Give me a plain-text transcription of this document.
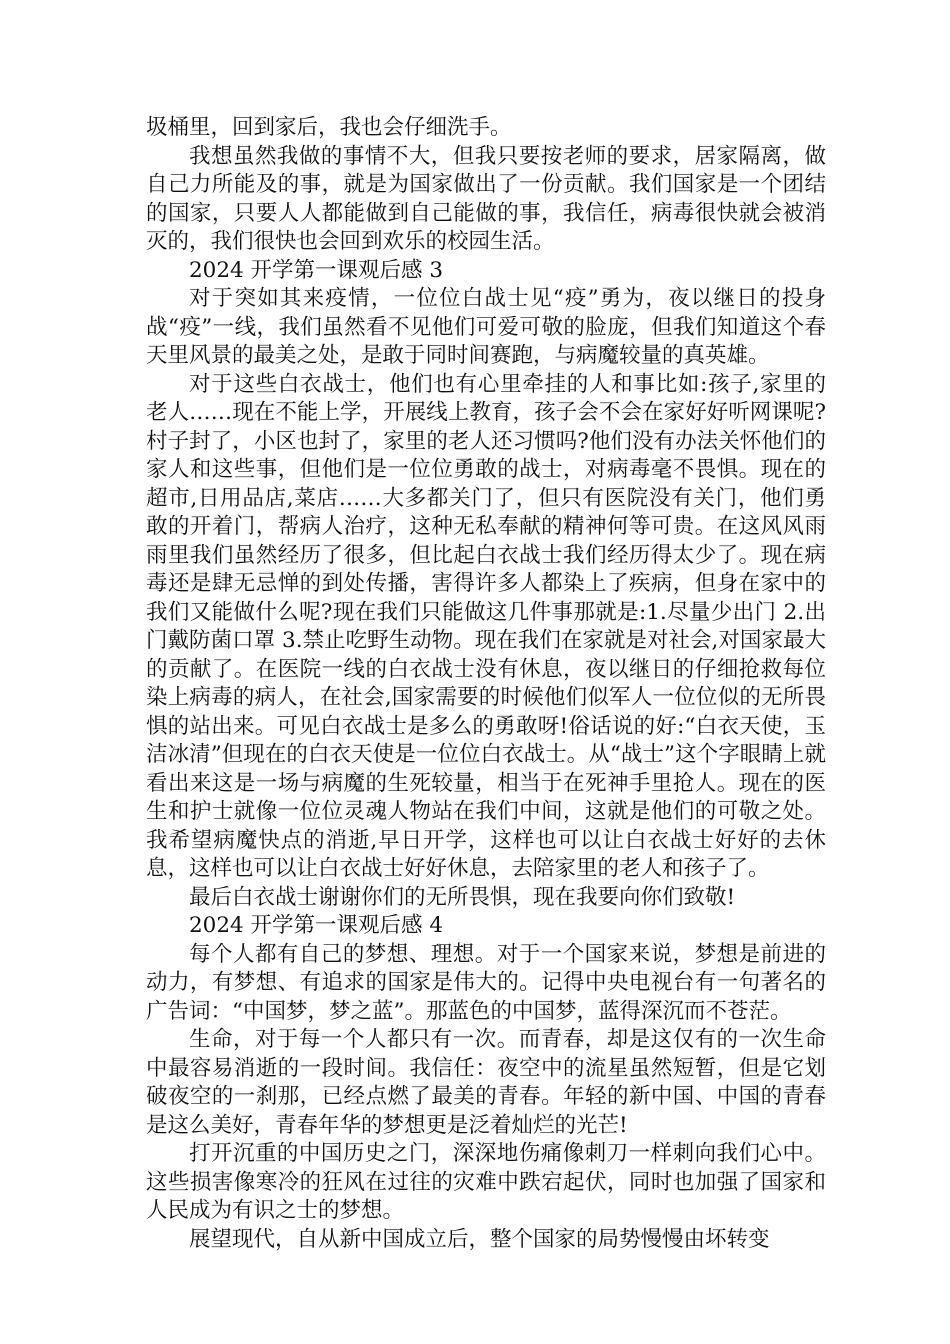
圾桶里，回到家后，我也会仔细洗手。

我想虽然我做的事情不大，但我只要按老师的要求，居家隔离，做自己力所能及的事，就是为国家做出了一份贡献。我们国家是一个团结的国家，只要人人都能做到自己能做的事，我信任，病毒很快就会被消灭的，我们很快也会回到欢乐的校园生活。

2024 开学第一课观后感 3

对于突如其来疫情，一位位白战士见“疫”勇为，夜以继日的投身战“疫”一线，我们虽然看不见他们可爱可敬的脸庞，但我们知道这个春天里风景的最美之处，是敢于同时间赛跑，与病魔较量的真英雄。

对于这些白衣战士，他们也有心里牵挂的人和事比如:孩子,家里的老人……现在不能上学，开展线上教育，孩子会不会在家好好听网课呢?村子封了，小区也封了，家里的老人还习惯吗?他们没有办法关怀他们的家人和这些事，但他们是一位位勇敢的战士，对病毒毫不畏惧。现在的超市,日用品店,菜店……大多都关门了，但只有医院没有关门，他们勇敢的开着门，帮病人治疗，这种无私奉献的精神何等可贵。在这风风雨雨里我们虽然经历了很多，但比起白衣战士我们经历得太少了。现在病毒还是肆无忌惮的到处传播，害得许多人都染上了疾病，但身在家中的我们又能做什么呢?现在我们只能做这几件事那就是:1.尽量少出门 2.出门戴防菌口罩 3.禁止吃野生动物。现在我们在家就是对社会,对国家最大的贡献了。在医院一线的白衣战士没有休息，夜以继日的仔细抢救每位染上病毒的病人，在社会,国家需要的时候他们似军人一位位似的无所畏惧的站出来。可见白衣战士是多么的勇敢呀!俗话说的好:“白衣天使，玉洁冰清”但现在的白衣天使是一位位白衣战士。从“战士”这个字眼睛上就看出来这是一场与病魔的生死较量，相当于在死神手里抢人。现在的医生和护士就像一位位灵魂人物站在我们中间，这就是他们的可敬之处。我希望病魔快点的消逝,早日开学，这样也可以让白衣战士好好的去休息，这样也可以让白衣战士好好休息，去陪家里的老人和孩子了。

最后白衣战士谢谢你们的无所畏惧，现在我要向你们致敬!

2024 开学第一课观后感 4

每个人都有自己的梦想、理想。对于一个国家来说，梦想是前进的动力，有梦想、有追求的国家是伟大的。记得中央电视台有一句著名的广告词：“中国梦，梦之蓝”。那蓝色的中国梦，蓝得深沉而不苍茫。

生命，对于每一个人都只有一次。而青春，却是这仅有的一次生命中最容易消逝的一段时间。我信任：夜空中的流星虽然短暂，但是它划破夜空的一刹那，已经点燃了最美的青春。年轻的新中国、中国的青春是这么美好，青春年华的梦想更是泛着灿烂的光芒!

打开沉重的中国历史之门，深深地伤痛像刺刀一样刺向我们心中。这些损害像寒冷的狂风在过往的灾难中跌宕起伏，同时也加强了国家和人民成为有识之士的梦想。

展望现代，自从新中国成立后，整个国家的局势慢慢由坏转变
